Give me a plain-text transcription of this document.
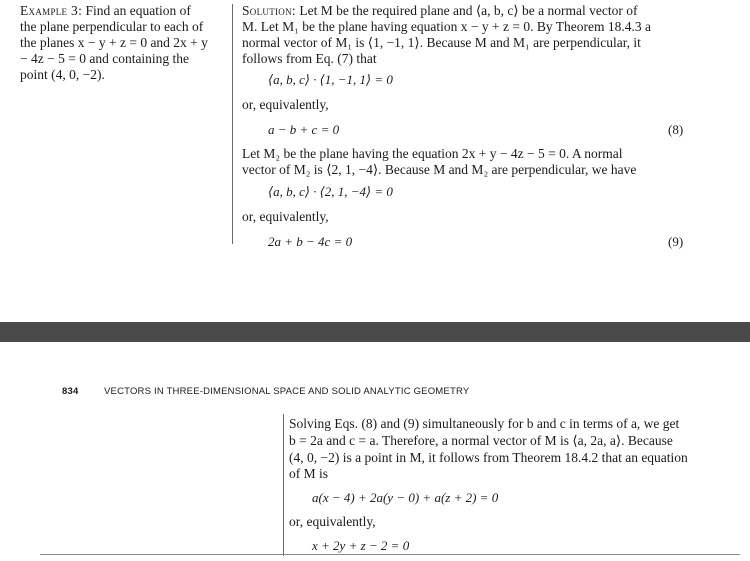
Example 3: Find an equation of
the plane perpendicular to each of
the planes x − y + z = 0 and 2x + y
− 4z − 5 = 0 and containing the
point (4, 0, −2).
Solution: Let M be the required plane and ⟨a, b, c⟩ be a normal vector of
M. Let M₁ be the plane having equation x − y + z = 0. By Theorem 18.4.3 a
normal vector of M₁ is ⟨1, −1, 1⟩. Because M and M₁ are perpendicular, it
follows from Eq. (7) that
⟨a, b, c⟩ · ⟨1, −1, 1⟩ = 0
or, equivalently,
a − b + c = 0	(8)
Let M₂ be the plane having the equation 2x + y − 4z − 5 = 0. A normal
vector of M₂ is ⟨2, 1, −4⟩. Because M and M₂ are perpendicular, we have
⟨a, b, c⟩ · ⟨2, 1, −4⟩ = 0
or, equivalently,
2a + b − 4c = 0	(9)
834	VECTORS IN THREE-DIMENSIONAL SPACE AND SOLID ANALYTIC GEOMETRY
Solving Eqs. (8) and (9) simultaneously for b and c in terms of a, we get
b = 2a and c = a. Therefore, a normal vector of M is ⟨a, 2a, a⟩. Because
(4, 0, −2) is a point in M, it follows from Theorem 18.4.2 that an equation
of M is
a(x − 4) + 2a(y − 0) + a(z + 2) = 0
or, equivalently,
x + 2y + z − 2 = 0
